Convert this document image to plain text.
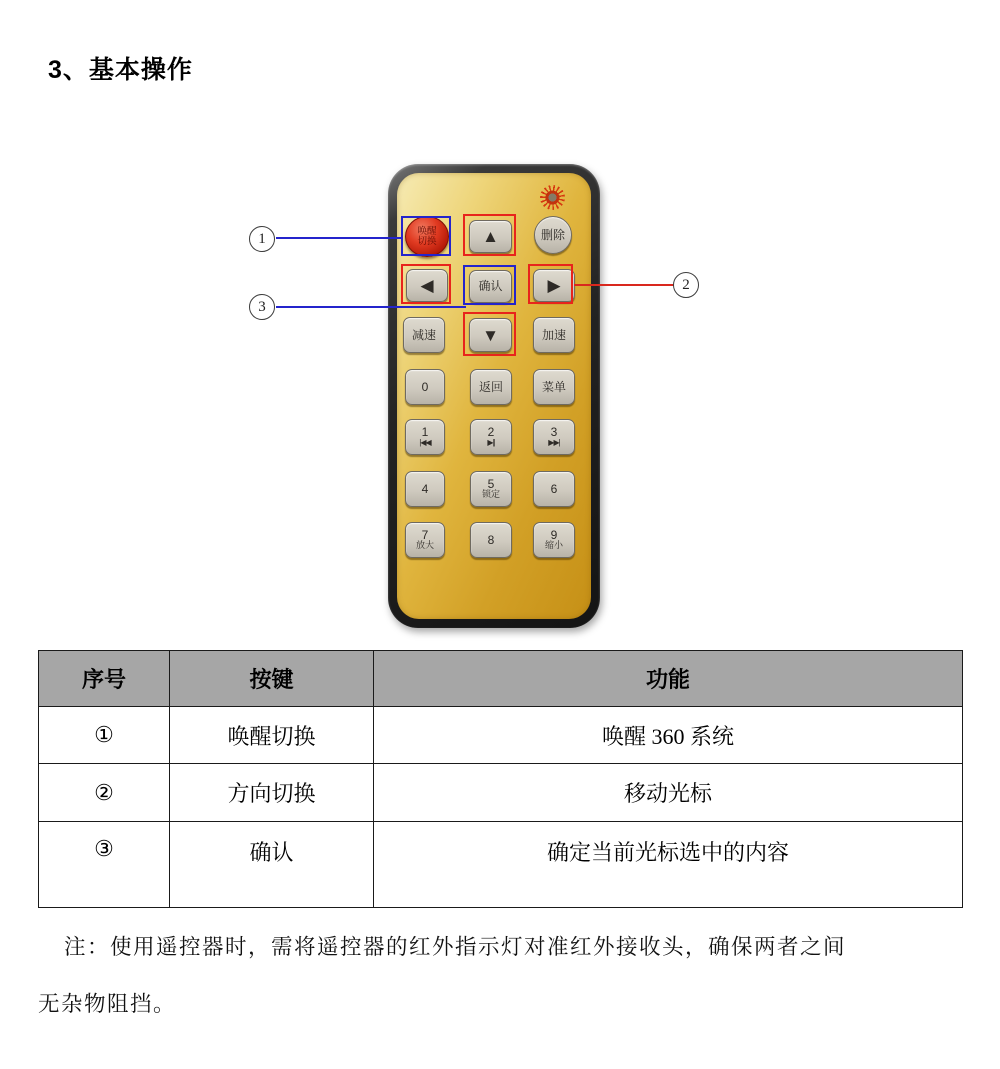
3、基本操作
1
2
3
唤醒
切换	▲	删除
◀	确认	▶
减速	▼	加速
0	返回	菜单
1
|◀◀
2
▶||
3
▶▶|
4	5
锁定	6
7
放大	8	9
缩小
序号	按键	功能
①	唤醒切换	唤醒 360 系统
②	方向切换	移动光标
③	确认	确定当前光标选中的内容

注：使用遥控器时，需将遥控器的红外指示灯对准红外接收头，确保两者之间

无杂物阻挡。
